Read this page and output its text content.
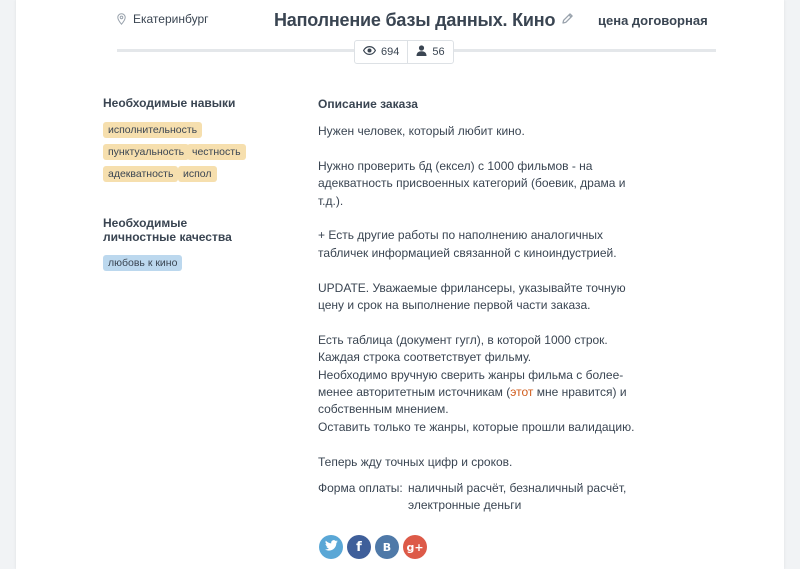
Екатеринбург	Наполнение базы данных. Кино	цена договорная
694	56
Необходимые навыки
исполнительность
пунктуальность честность
адекватность испол
Необходимые личностные качества
любовь к кино
Описание заказа

Нужен человек, который любит кино.

Нужно проверить бд (ексел) с 1000 фильмов - на адекватность присвоенных категорий (боевик, драма и т.д.).

+ Есть другие работы по наполнению аналогичных табличек информацией связанной с киноиндустрией.

UPDATE. Уважаемые фрилансеры, указывайте точную цену и срок на выполнение первой части заказа.

Есть таблица (документ гугл), в которой 1000 строк.
Каждая строка соответствует фильму.
Необходимо вручную сверить жанры фильма с более-менее авторитетным источникам (этот мне нравится) и собственным мнением.
Оставить только те жанры, которые прошли валидацию.

Теперь жду точных цифр и сроков.

Форма оплаты: наличный расчёт, безналичный расчёт, электронные деньги
f B g+
